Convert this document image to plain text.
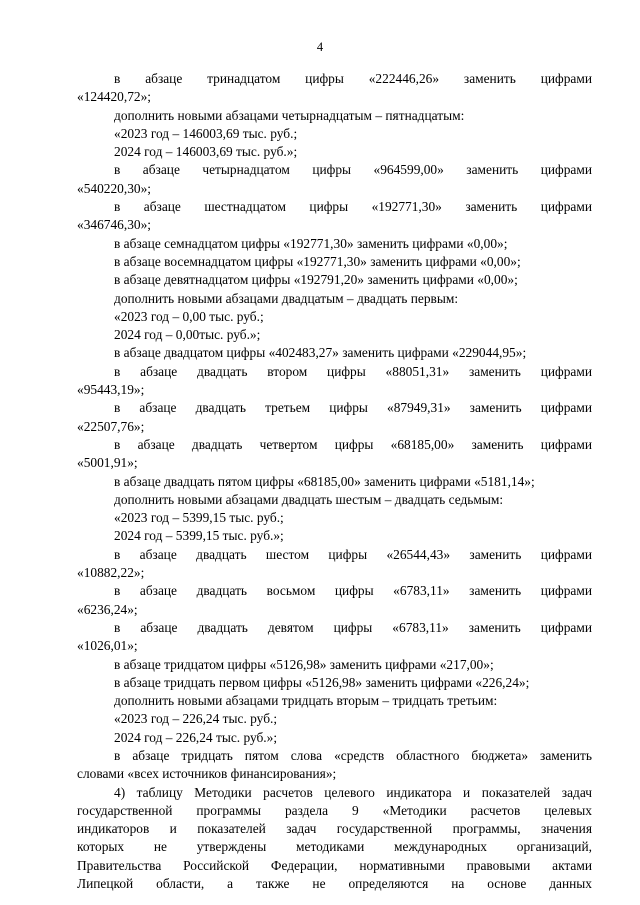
4

в абзаце тринадцатом цифры «222446,26» заменить цифрами

«124420,72»;

дополнить новыми абзацами четырнадцатым – пятнадцатым:

«2023 год – 146003,69 тыс. руб.;

2024 год – 146003,69 тыс. руб.»;

в абзаце четырнадцатом цифры «964599,00» заменить цифрами

«540220,30»;

в абзаце шестнадцатом цифры «192771,30» заменить цифрами

«346746,30»;

в абзаце семнадцатом цифры «192771,30» заменить цифрами «0,00»;

в абзаце восемнадцатом цифры «192771,30» заменить цифрами «0,00»;

в абзаце девятнадцатом цифры «192791,20» заменить цифрами «0,00»;

дополнить новыми абзацами двадцатым – двадцать первым:

«2023 год – 0,00 тыс. руб.;

2024 год – 0,00тыс. руб.»;

в абзаце двадцатом цифры «402483,27» заменить цифрами «229044,95»;

в абзаце двадцать втором цифры «88051,31» заменить цифрами

«95443,19»;

в абзаце двадцать третьем цифры «87949,31» заменить цифрами

«22507,76»;

в абзаце двадцать четвертом цифры «68185,00» заменить цифрами

«5001,91»;

в абзаце двадцать пятом цифры «68185,00» заменить цифрами «5181,14»;

дополнить новыми абзацами двадцать шестым – двадцать седьмым:

«2023 год – 5399,15 тыс. руб.;

2024 год – 5399,15 тыс. руб.»;

в абзаце двадцать шестом цифры «26544,43» заменить цифрами

«10882,22»;

в абзаце двадцать восьмом цифры «6783,11» заменить цифрами

«6236,24»;

в абзаце двадцать девятом цифры «6783,11» заменить цифрами

«1026,01»;

в абзаце тридцатом цифры «5126,98» заменить цифрами «217,00»;

в абзаце тридцать первом цифры «5126,98» заменить цифрами «226,24»;

дополнить новыми абзацами тридцать вторым – тридцать третьим:

«2023 год – 226,24 тыс. руб.;

2024 год – 226,24 тыс. руб.»;

в абзаце тридцать пятом слова «средств областного бюджета» заменить

словами «всех источников финансирования»;

4) таблицу Методики расчетов целевого индикатора и показателей задач

государственной программы раздела 9 «Методики расчетов целевых

индикаторов и показателей задач государственной программы, значения

которых не утверждены методиками международных организаций,

Правительства Российской Федерации, нормативными правовыми актами

Липецкой области, а также не определяются на основе данных
